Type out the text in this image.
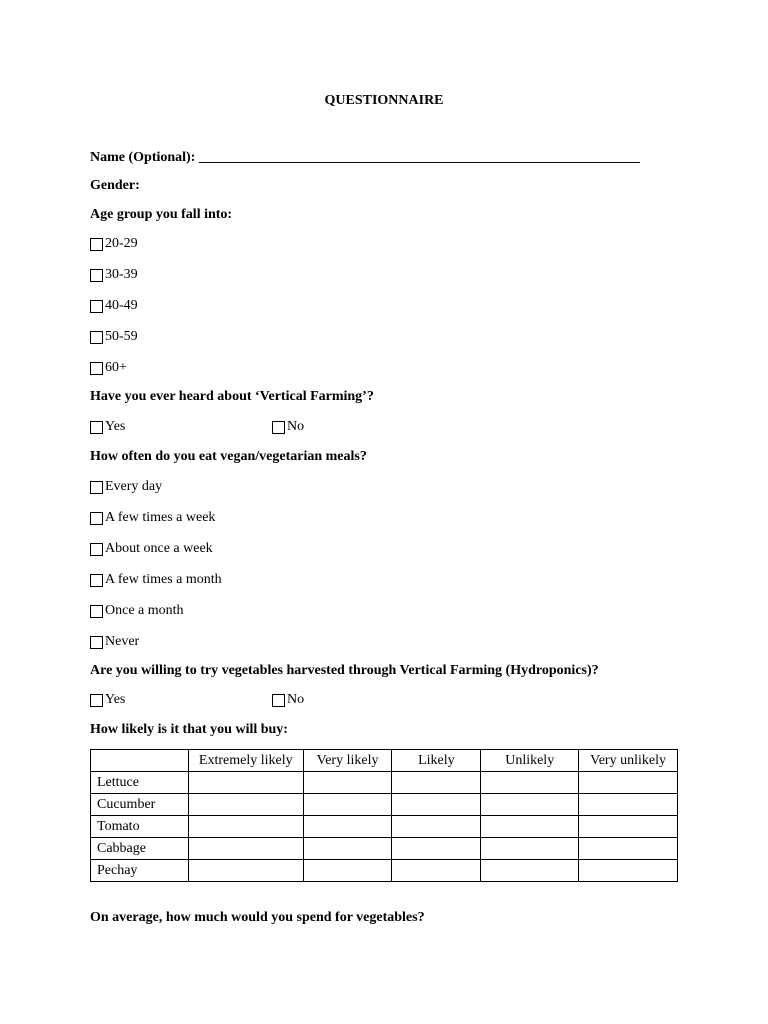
QUESTIONNAIRE
Name (Optional): _______________________________________________________________
Gender:
Age group you fall into:
20-29
30-39
40-49
50-59
60+
Have you ever heard about ‘Vertical Farming’?
Yes	No
How often do you eat vegan/vegetarian meals?
Every day
A few times a week
About once a week
A few times a month
Once a month
Never
Are you willing to try vegetables harvested through Vertical Farming (Hydroponics)?
Yes	No
How likely is it that you will buy:
	Extremely likely	Very likely	Likely	Unlikely	Very unlikely
Lettuce					
Cucumber					
Tomato					
Cabbage					
Pechay					
On average, how much would you spend for vegetables?
